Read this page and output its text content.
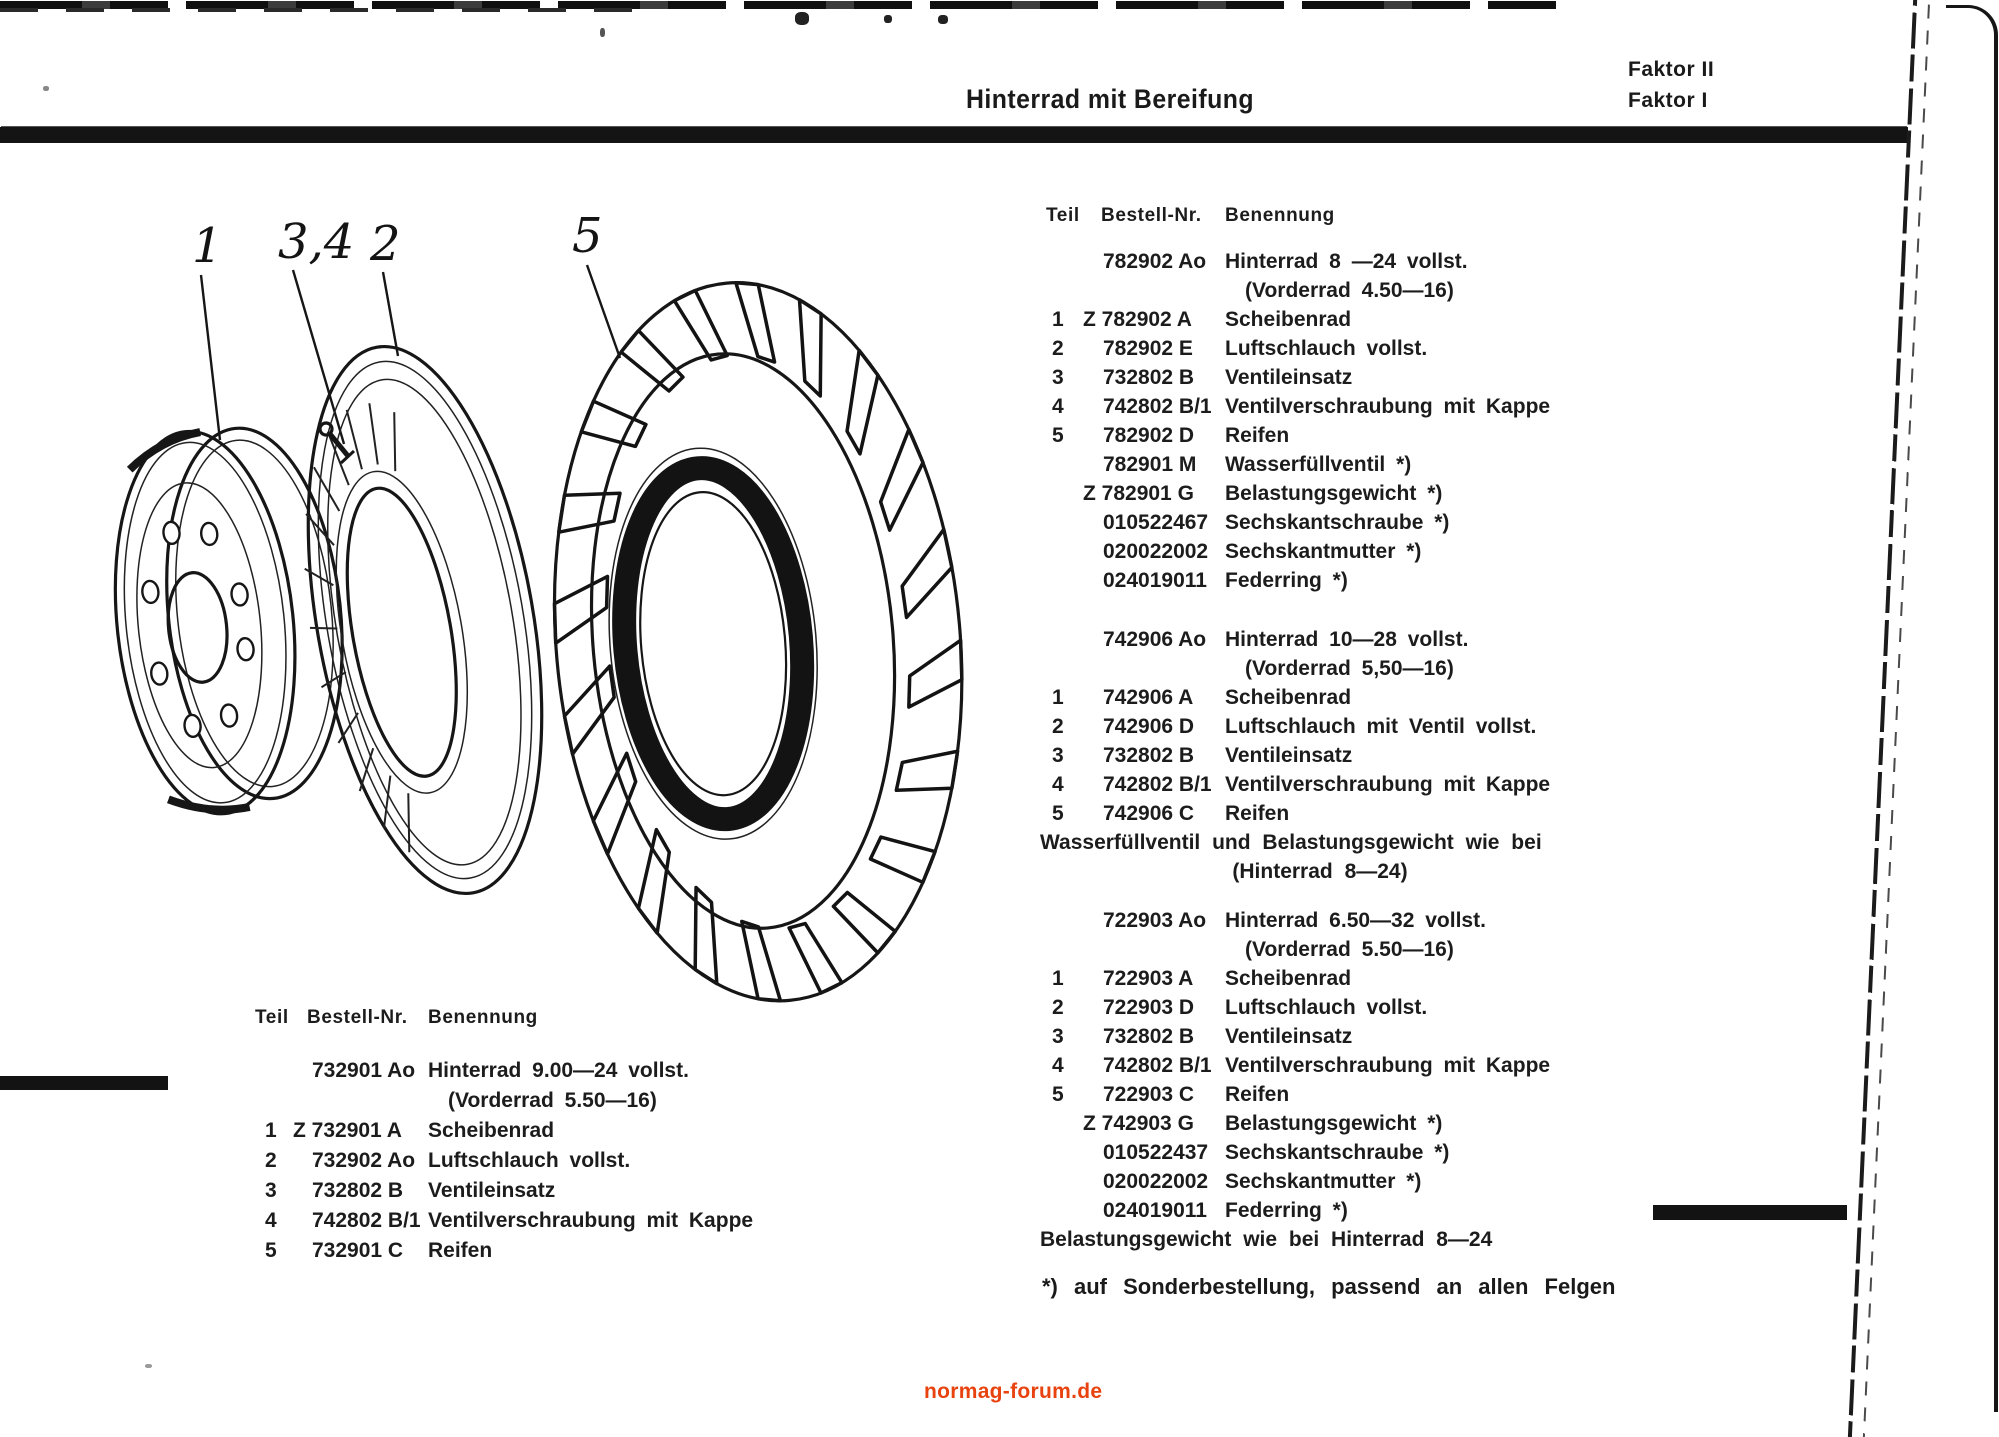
Hinterrad mit Bereifung
Faktor II
Faktor I
1 3,4 2	5
Teil Bestell-Nr.	Benennung
732901 Ao Hinterrad 9.00—24 vollst.
(Vorderrad 5.50—16)
1 Z 732901 A	Scheibenrad
2	732902 Ao Luftschlauch vollst.
3	732802 B	Ventileinsatz
4	742802 B/1 Ventilverschraubung mit Kappe
5	732901 C	Reifen
Teil	Bestell-Nr.	Benennung
782902 Ao Hinterrad 8 —24 vollst.
(Vorderrad 4.50—16)
1 Z 782902 A	Scheibenrad
2	782902 E	Luftschlauch vollst.
3	732802 B	Ventileinsatz
4	742802 B/1 Ventilverschraubung mit Kappe
5	782902 D	Reifen
782901 M	Wasserfüllventil *)
Z 782901 G	Belastungsgewicht *)
010522467 Sechskantschraube *)
020022002 Sechskantmutter *)
024019011 Federring *)
742906 Ao Hinterrad 10—28 vollst.
(Vorderrad 5,50—16)
1	742906 A	Scheibenrad
2	742906 D	Luftschlauch mit Ventil vollst.
3	732802 B	Ventileinsatz
4	742802 B/1 Ventilverschraubung mit Kappe
5	742906 C	Reifen
Wasserfüllventil und Belastungsgewicht wie bei
(Hinterrad 8—24)
722903 Ao Hinterrad 6.50—32 vollst.
(Vorderrad 5.50—16)
1	722903 A	Scheibenrad
2	722903 D	Luftschlauch vollst.
3	732802 B	Ventileinsatz
4	742802 B/1 Ventilverschraubung mit Kappe
5	722903 C	Reifen
Z 742903 G	Belastungsgewicht *)
010522437 Sechskantschraube *)
020022002 Sechskantmutter *)
024019011 Federring *)
Belastungsgewicht wie bei Hinterrad 8—24
*) auf Sonderbestellung, passend an allen Felgen
normag-forum.de
